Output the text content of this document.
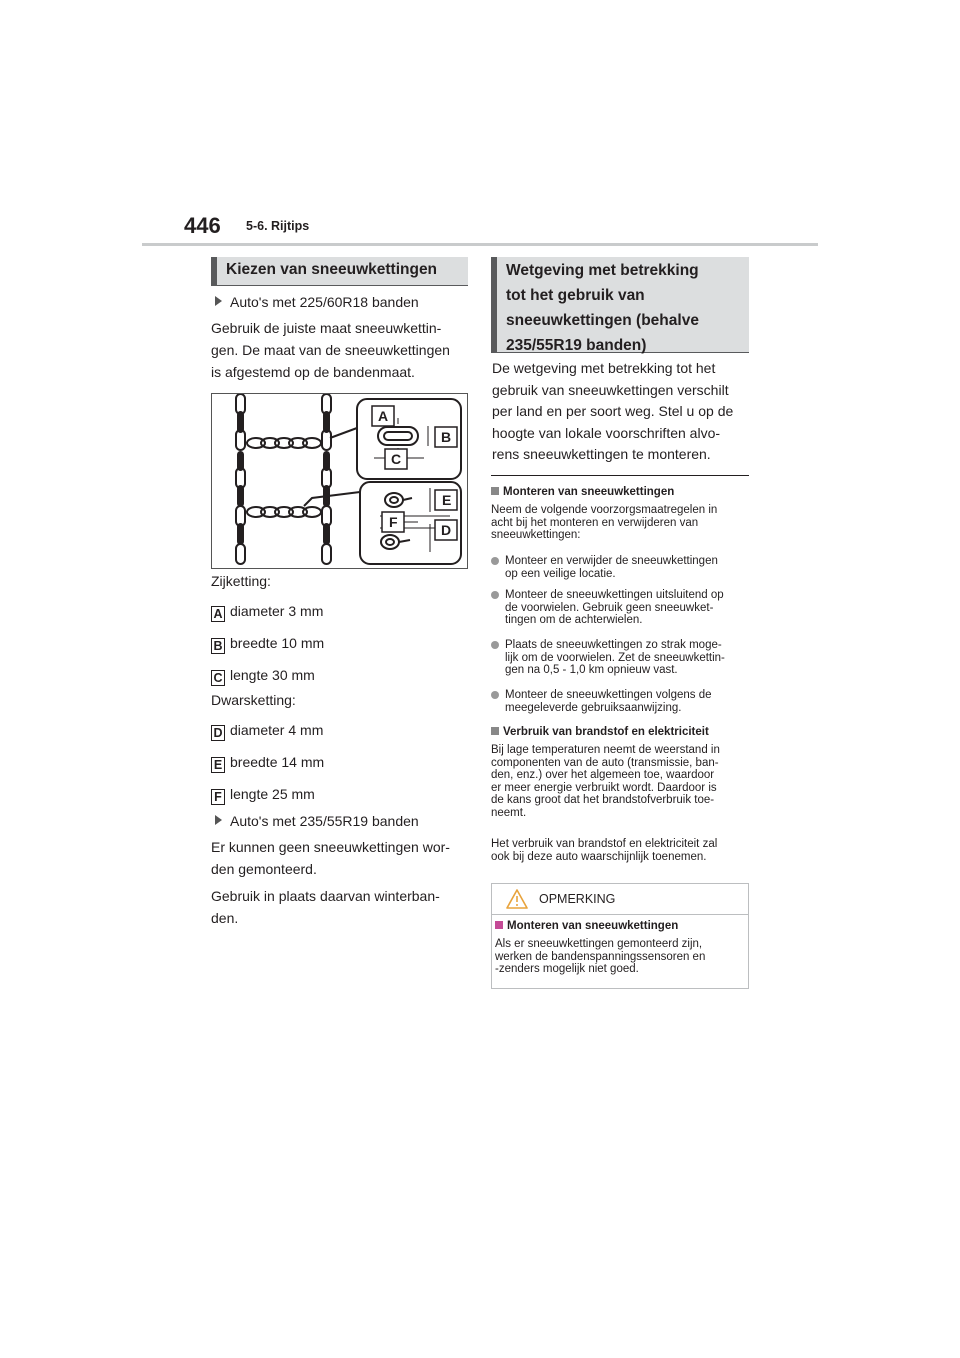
446 5-6. Rijtips
Kiezen van sneeuwkettingen
Auto's met 225/60R18 banden
Gebruik de juiste maat sneeuwkettin-
gen. De maat van de sneeuwkettingen
is afgestemd op de bandenmaat.
A
B
C
E
F	D
Zijketting:
A diameter 3 mm
B breedte 10 mm
C lengte 30 mm
Dwarsketting:
D diameter 4 mm
E breedte 14 mm
F lengte 25 mm
Auto's met 235/55R19 banden
Er kunnen geen sneeuwkettingen wor-
den gemonteerd.
Gebruik in plaats daarvan winterban-
den.
Wetgeving met betrekking
tot het gebruik van
sneeuwkettingen (behalve
235/55R19 banden)
De wetgeving met betrekking tot het
gebruik van sneeuwkettingen verschilt
per land en per soort weg. Stel u op de
hoogte van lokale voorschriften alvo-
rens sneeuwkettingen te monteren.
Monteren van sneeuwkettingen
Neem de volgende voorzorgsmaatregelen in
acht bij het monteren en verwijderen van
sneeuwkettingen:
Monteer en verwijder de sneeuwkettingen
op een veilige locatie.
Monteer de sneeuwkettingen uitsluitend op
de voorwielen. Gebruik geen sneeuwket-
tingen om de achterwielen.
Plaats de sneeuwkettingen zo strak moge-
lijk om de voorwielen. Zet de sneeuwkettin-
gen na 0,5 - 1,0 km opnieuw vast.
Monteer de sneeuwkettingen volgens de
meegeleverde gebruiksaanwijzing.
Verbruik van brandstof en elektriciteit
Bij lage temperaturen neemt de weerstand in
componenten van de auto (transmissie, ban-
den, enz.) over het algemeen toe, waardoor
er meer energie verbruikt wordt. Daardoor is
de kans groot dat het brandstofverbruik toe-
neemt.
Het verbruik van brandstof en elektriciteit zal
ook bij deze auto waarschijnlijk toenemen.
OPMERKING
Monteren van sneeuwkettingen
Als er sneeuwkettingen gemonteerd zijn,
werken de bandenspanningssensoren en
-zenders mogelijk niet goed.
